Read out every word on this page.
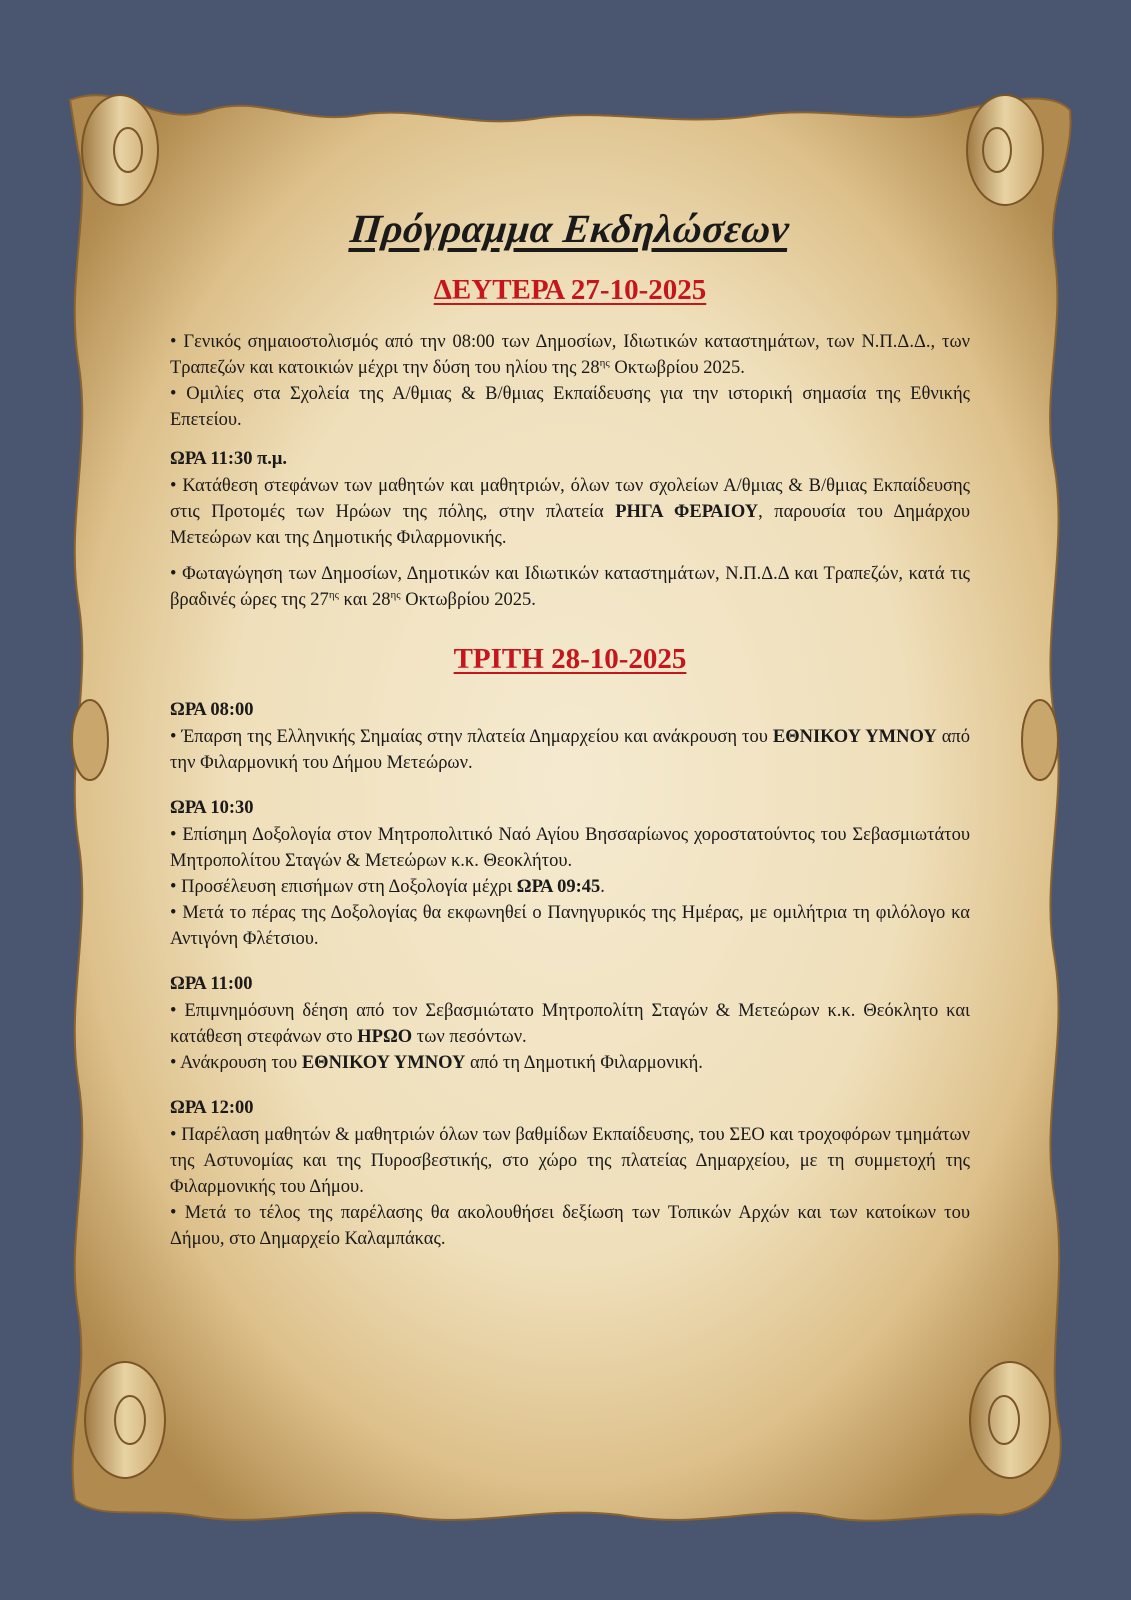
Πρόγραμμα Εκδηλώσεων
ΔΕΥΤΕΡΑ 27-10-2025

• Γενικός σημαιοστολισμός από την 08:00 των Δημοσίων, Ιδιωτικών καταστημάτων, των Ν.Π.Δ.Δ., των Τραπεζών και κατοικιών μέχρι την δύση του ηλίου της $28^{\eta\varsigma}$ Οκτωβρίου 2025.

• Ομιλίες στα Σχολεία της Α/θμιας & Β/θμιας Εκπαίδευσης για την ιστορική σημασία της Εθνικής Επετείου.

ΩΡΑ 11:30 π.μ.

• Κατάθεση στεφάνων των μαθητών και μαθητριών, όλων των σχολείων Α/θμιας & Β/θμιας Εκπαίδευσης στις Προτομές των Ηρώων της πόλης, στην πλατεία ΡΗΓΑ ΦΕΡΑΙΟΥ, παρουσία του Δημάρχου Μετεώρων και της Δημοτικής Φιλαρμονικής.

• Φωταγώγηση των Δημοσίων, Δημοτικών και Ιδιωτικών καταστημάτων, Ν.Π.Δ.Δ και Τραπεζών, κατά τις βραδινές ώρες της $27^{\eta\varsigma}$ και $28^{\eta\varsigma}$ Οκτωβρίου 2025.

ΤΡΙΤΗ 28-10-2025
ΩΡΑ 08:00

• Έπαρση της Ελληνικής Σημαίας στην πλατεία Δημαρχείου και ανάκρουση του ΕΘΝΙΚΟΥ ΥΜΝΟΥ από την Φιλαρμονική του Δήμου Μετεώρων.

ΩΡΑ 10:30

• Επίσημη Δοξολογία στον Μητροπολιτικό Ναό Αγίου Βησσαρίωνος χοροστατούντος του Σεβασμιωτάτου Μητροπολίτου Σταγών & Μετεώρων κ.κ. Θεοκλήτου.

• Προσέλευση επισήμων στη Δοξολογία μέχρι ΩΡΑ 09:45.

• Μετά το πέρας της Δοξολογίας θα εκφωνηθεί ο Πανηγυρικός της Ημέρας, με ομιλήτρια τη φιλόλογο κα Αντιγόνη Φλέτσιου.

ΩΡΑ 11:00

• Επιμνημόσυνη δέηση από τον Σεβασμιώτατο Μητροπολίτη Σταγών & Μετεώρων κ.κ. Θεόκλητο και κατάθεση στεφάνων στο ΗΡΩΟ των πεσόντων.

• Ανάκρουση του ΕΘΝΙΚΟΥ ΥΜΝΟΥ από τη Δημοτική Φιλαρμονική.

ΩΡΑ 12:00

• Παρέλαση μαθητών & μαθητριών όλων των βαθμίδων Εκπαίδευσης, του ΣΕΟ και τροχοφόρων τμημάτων της Αστυνομίας και της Πυροσβεστικής, στο χώρο της πλατείας Δημαρχείου, με τη συμμετοχή της Φιλαρμονικής του Δήμου.

• Μετά το τέλος της παρέλασης θα ακολουθήσει δεξίωση των Τοπικών Αρχών και των κατοίκων του Δήμου, στο Δημαρχείο Καλαμπάκας.
